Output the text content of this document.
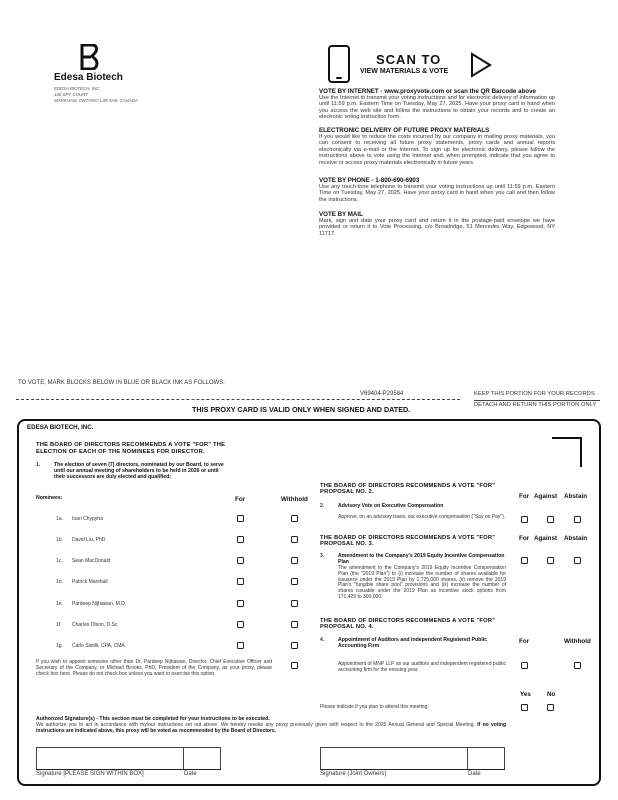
Edesa Biotech
EDESA BIOTECH, INC.
100 SPY COURT
MARKHAM, ONTARIO L3R 5H6, CANADA
SCAN TO
VIEW MATERIALS & VOTE
VOTE BY INTERNET - www.proxyvote.com or scan the QR Barcode above
Use the Internet to transmit your voting instructions and for electronic delivery of information up until 11:59 p.m. Eastern Time on Tuesday, May 27, 2025. Have your proxy card in hand when you access the web site and follow the instructions to obtain your records and to create an electronic voting instruction form.
ELECTRONIC DELIVERY OF FUTURE PROXY MATERIALS
If you would like to reduce the costs incurred by our company in mailing proxy materials, you can consent to receiving all future proxy statements, proxy cards and annual reports electronically via e-mail or the Internet. To sign up for electronic delivery, please follow the instructions above to vote using the Internet and, when prompted, indicate that you agree to receive or access proxy materials electronically in future years.
VOTE BY PHONE - 1-800-690-6903
Use any touch-tone telephone to transmit your voting instructions up until 11:59 p.m. Eastern Time on Tuesday, May 27, 2025. Have your proxy card in hand when you call and then follow the instructions.
VOTE BY MAIL
Mark, sign and date your proxy card and return it in the postage-paid envelope we have provided or return it to Vote Processing, c/o Broadridge, 51 Mercedes Way, Edgewood, NY 11717.
TO VOTE, MARK BLOCKS BELOW IN BLUE OR BLACK INK AS FOLLOWS:
V69404-P29584	KEEP THIS PORTION FOR YOUR RECORDS
DETACH AND RETURN THIS PORTION ONLY
THIS PROXY CARD IS VALID ONLY WHEN SIGNED AND DATED.
EDESA BIOTECH, INC.
THE BOARD OF DIRECTORS RECOMMENDS A VOTE "FOR" THE ELECTION OF EACH OF THE NOMINEES FOR DIRECTOR.
1.	The election of seven (7) directors, nominated by our Board, to serve until our annual meeting of shareholders to be held in 2026 or until their successors are duly elected and qualified;
Nominees:	For	Withhold
1a. Ioan Chypyha
1b. David Liu, PhD
1c. Sean MacDonald
1d. Patrick Marshall
1e. Pardeep Nijhawan, M.D.
1f. Charles Olson, D.Sc.
1g. Carlo Sistilli, CPA, CMA
If you wish to appoint someone other than Dr. Pardeep Nijhawan, Director, Chief Executive Officer and Secretary of the Company, or Michael Brooks, PhD, President of the Company, as your proxy, please check box here. Please do not check box unless you want to exercise this option.
THE BOARD OF DIRECTORS RECOMMENDS A VOTE "FOR" PROPOSAL NO. 2.
For Against Abstain
2.	Advisory Vote on Executive Compensation
Approve, on an advisory basis, our executive compensation ("Say on Pay").
THE BOARD OF DIRECTORS RECOMMENDS A VOTE "FOR" PROPOSAL NO. 3.
For Against Abstain
3.	Amendment to the Company's 2019 Equity Incentive Compensation Plan
The amendment to the Company's 2019 Equity Incentive Compensation Plan (the "2019 Plan") to (i) increase the number of shares available for issuance under the 2019 Plan by 1,725,000 shares, (ii) remove the 2019 Plan's "fungible share pool" provisions and (iii) increase the number of shares issuable under the 2019 Plan as incentive stock options from 171,429 to 300,000.
THE BOARD OF DIRECTORS RECOMMENDS A VOTE "FOR" PROPOSAL NO. 4.
4.	Appointment of Auditors and Independent Registered Public Accounting Firm
For	Withhold
Appointment of MNP LLP as our auditors and independent registered public accounting firm for the ensuing year.
Yes	No
Please indicate if you plan to attend this meeting.
Authorized Signature(s) - This section must be completed for your instructions to be executed.
We authorize you to act in accordance with my/our instructions set out above. We hereby revoke any proxy previously given with respect to the 2025 Annual General and Special Meeting. If no voting instructions are indicated above, this proxy will be voted as recommended by the Board of Directors.
Signature [PLEASE SIGN WITHIN BOX]	Date	Signature (Joint Owners)	Date
